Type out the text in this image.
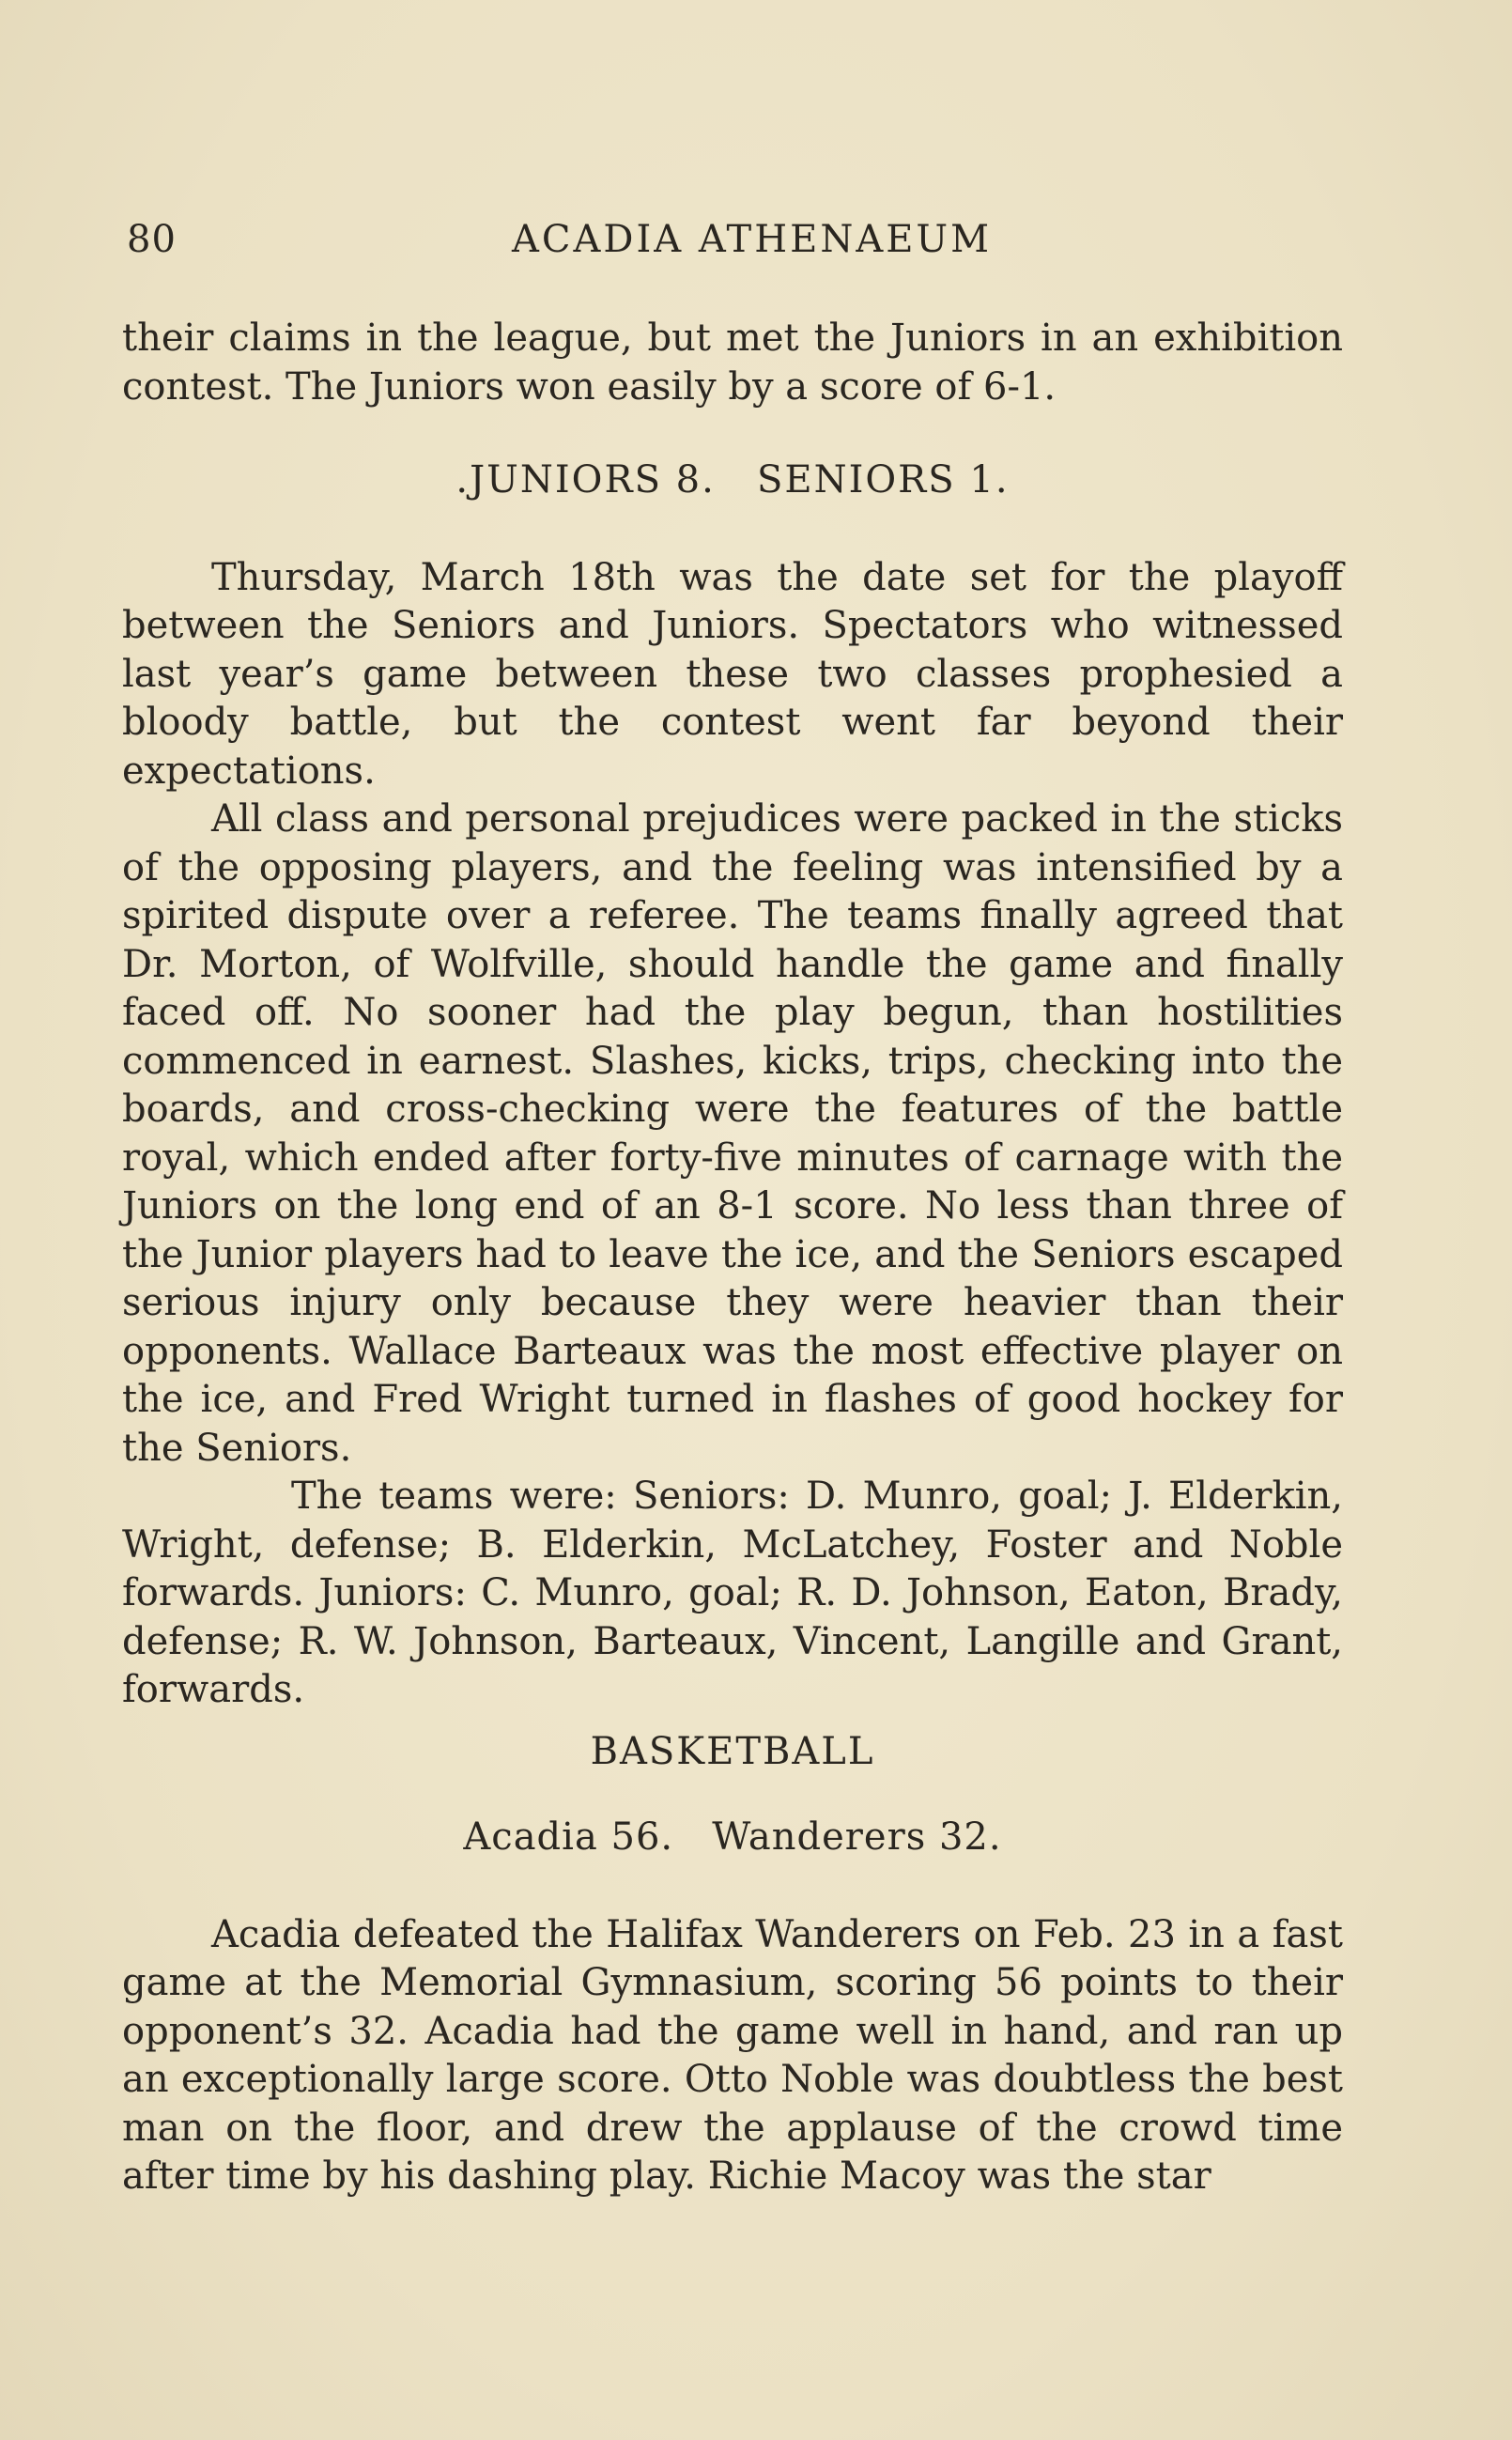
80	ACADIA ATHENAEUM

their claims in the league, but met the Juniors in an exhibition contest. The Juniors won easily by a score of 6-1.

.JUNIORS 8.   SENIORS 1.

Thursday, March 18th was the date set for the playoff between the Seniors and Juniors. Spectators who witnessed last year’s game between these two classes prophesied a bloody battle, but the contest went far beyond their expectations.

All class and personal prejudices were packed in the sticks of the opposing players, and the feeling was intensified by a spirited dispute over a referee. The teams finally agreed that Dr. Morton, of Wolfville, should handle the game and finally faced off. No sooner had the play begun, than hostilities commenced in earnest. Slashes, kicks, trips, checking into the boards, and cross-checking were the features of the battle royal, which ended after forty-five minutes of carnage with the Juniors on the long end of an 8-1 score. No less than three of the Junior players had to leave the ice, and the Seniors escaped serious injury only because they were heavier than their opponents. Wallace Barteaux was the most effective player on the ice, and Fred Wright turned in flashes of good hockey for the Seniors.

The teams were: Seniors: D. Munro, goal; J. Elderkin, Wright, defense; B. Elderkin, McLatchey, Foster and Noble forwards. Juniors: C. Munro, goal; R. D. Johnson, Eaton, Brady, defense; R. W. Johnson, Barteaux, Vincent, Langille and Grant, forwards.

BASKETBALL
Acadia 56.   Wanderers 32.

Acadia defeated the Halifax Wanderers on Feb. 23 in a fast game at the Memorial Gymnasium, scoring 56 points to their opponent’s 32. Acadia had the game well in hand, and ran up an exceptionally large score. Otto Noble was doubtless the best man on the floor, and drew the applause of the crowd time after time by his dashing play. Richie Macoy was the star
